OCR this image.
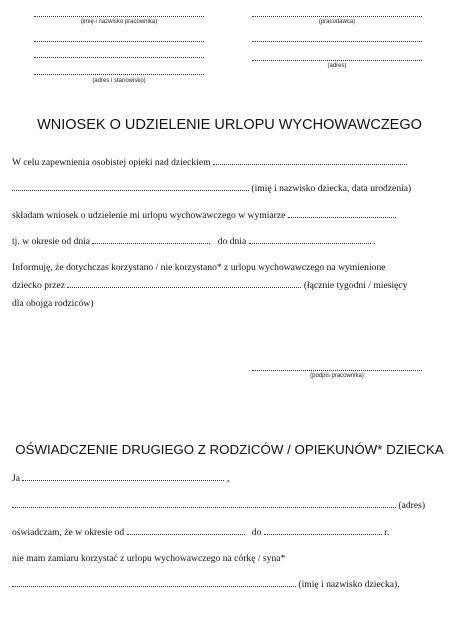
(imię i nazwisko pracownika)	(pracodawca)
(adres i stanowisko)
(adres)
WNIOSEK O UDZIELENIE URLOPU WYCHOWAWCZEGO
W celu zapewnienia osobistej opieki nad dzieckiem
(imię i nazwisko dziecka, data urodzenia)
składam wniosek o udzielenie mi urlopu wychowawczego w wymiarze
tj. w okresie od dnia	do dnia	.
Informuję, że dotychczas korzystano / nie korzystano* z urlopu wychowawczego na wymienione
dziecko przez	(łącznie tygodni / miesięcy
dla obojga rodziców)
(podpis pracownika)
OŚWIADCZENIE DRUGIEGO Z RODZICÓW / OPIEKUNÓW* DZIECKA
Ja	,
(adres)
oświadczam, że w okresie od	do	r.
nie mam zamiaru korzystać z urlopu wychowawczego na córkę / syna*
(imię i nazwisko dziecka).
